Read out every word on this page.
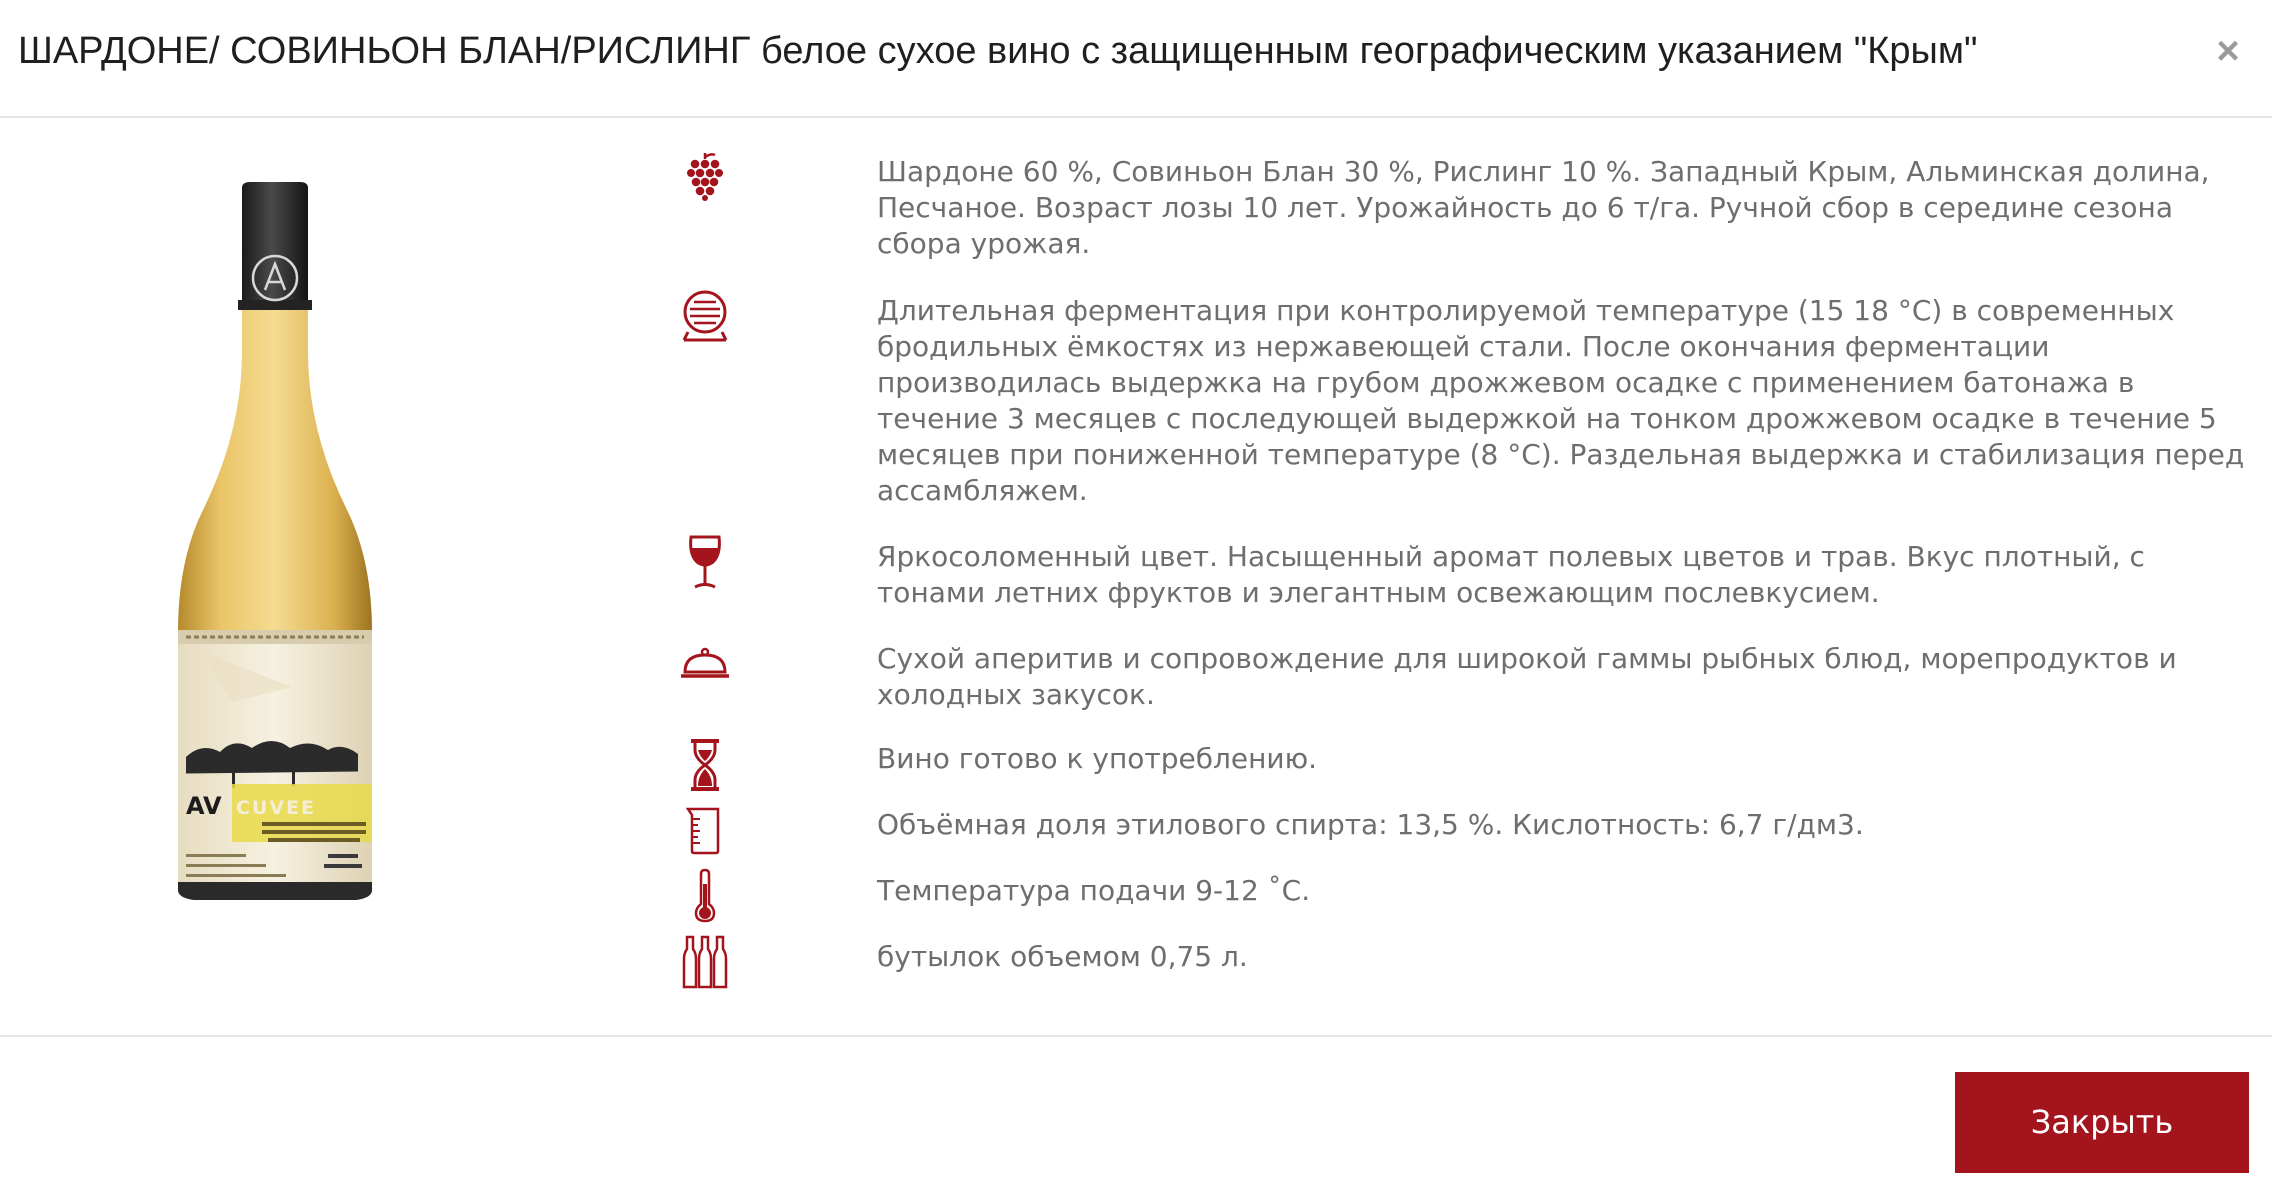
ШАРДОНЕ/ СОВИНЬОН БЛАН/РИСЛИНГ белое сухое вино с защищенным географическим указанием "Крым"	×
AV CUVEE
Шардоне 60 %, Совиньон Блан 30 %, Рислинг 10 %. Западный Крым, Альминская долина, Песчаное. Возраст лозы 10 лет. Урожайность до 6 т/га. Ручной сбор в середине сезона сбора урожая.
Длительная ферментация при контролируемой температуре (15 18 °C) в современных бродильных ёмкостях из нержавеющей стали. После окончания ферментации производилась выдержка на грубом дрожжевом осадке с применением батонажа в течение 3 месяцев с последующей выдержкой на тонком дрожжевом осадке в течение 5 месяцев при пониженной температуре (8 °C). Раздельная выдержка и стабилизация перед ассамбляжем.
Яркосоломенный цвет. Насыщенный аромат полевых цветов и трав. Вкус плотный, с тонами летних фруктов и элегантным освежающим послевкусием.
Сухой аперитив и сопровождение для широкой гаммы рыбных блюд, морепродуктов и холодных закусок.
Вино готово к употреблению.
Объёмная доля этилового спирта: 13,5 %. Кислотность: 6,7 г/дм3.
Температура подачи 9-12 ˚С.
бутылок объемом 0,75 л.
Закрыть
